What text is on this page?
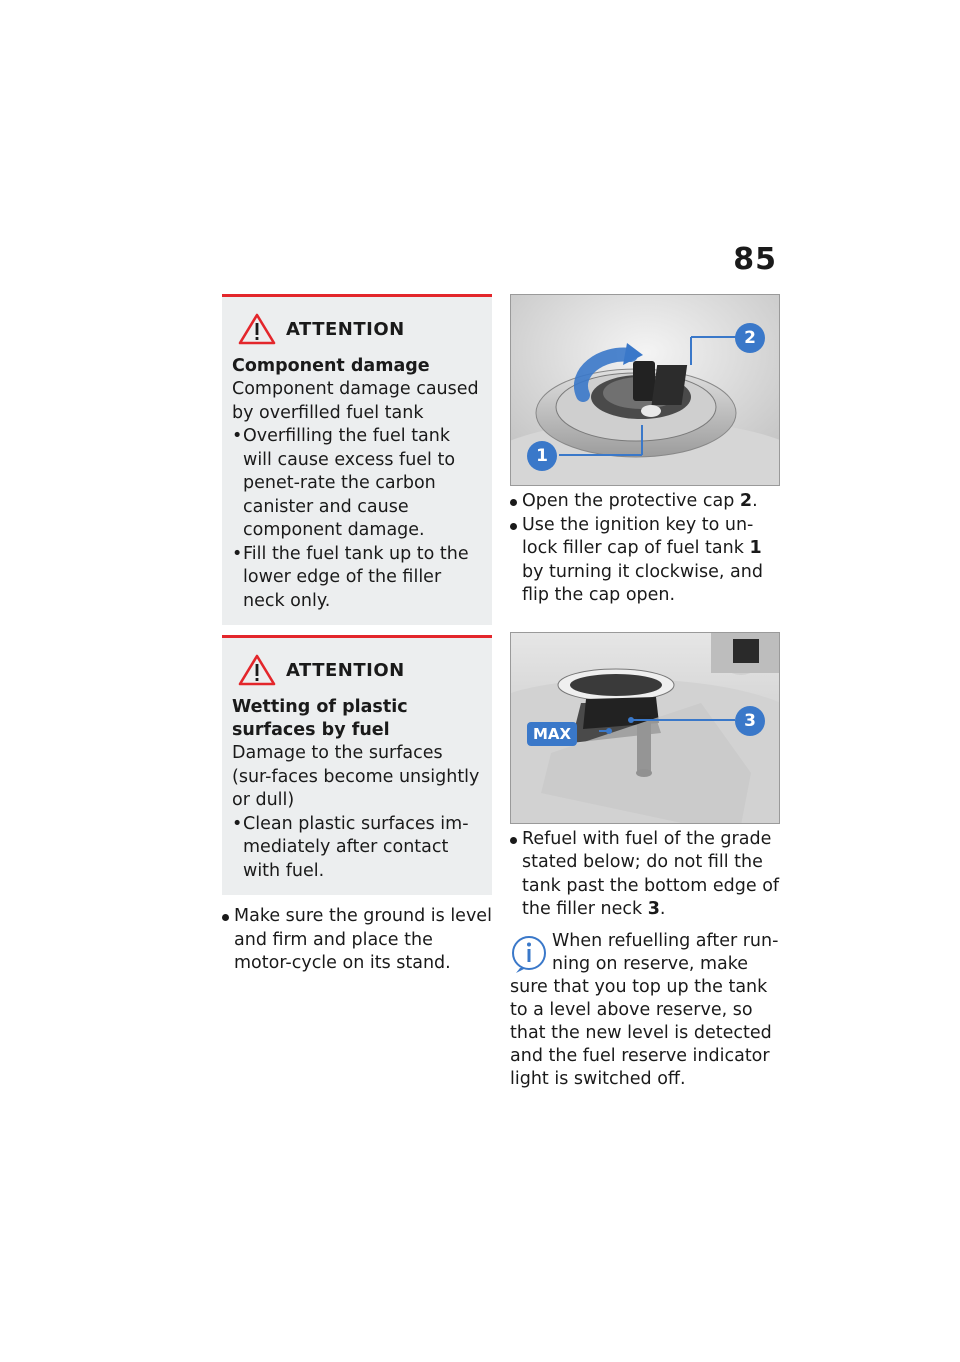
85
ATTENTION
Component damage
Component damage caused by overfilled fuel tank
• Overfilling the fuel tank will cause excess fuel to penet-rate the carbon canister and cause component damage.
• Fill the fuel tank up to the lower edge of the filler neck only.
ATTENTION
Wetting of plastic surfaces by fuel
Damage to the surfaces (sur-faces become unsightly or dull)
• Clean plastic surfaces im-mediately after contact with fuel.
Make sure the ground is level and firm and place the motor-cycle on its stand.
1
2
Open the protective cap 2.
Use the ignition key to un-lock filler cap of fuel tank 1 by turning it clockwise, and flip the cap open.
MAX
3
Refuel with fuel of the grade stated below; do not fill the tank past the bottom edge of the filler neck 3.
When refuelling after run-ning on reserve, make
sure that you top up the tank to a level above reserve, so that the new level is detected and the fuel reserve indicator light is switched off.
